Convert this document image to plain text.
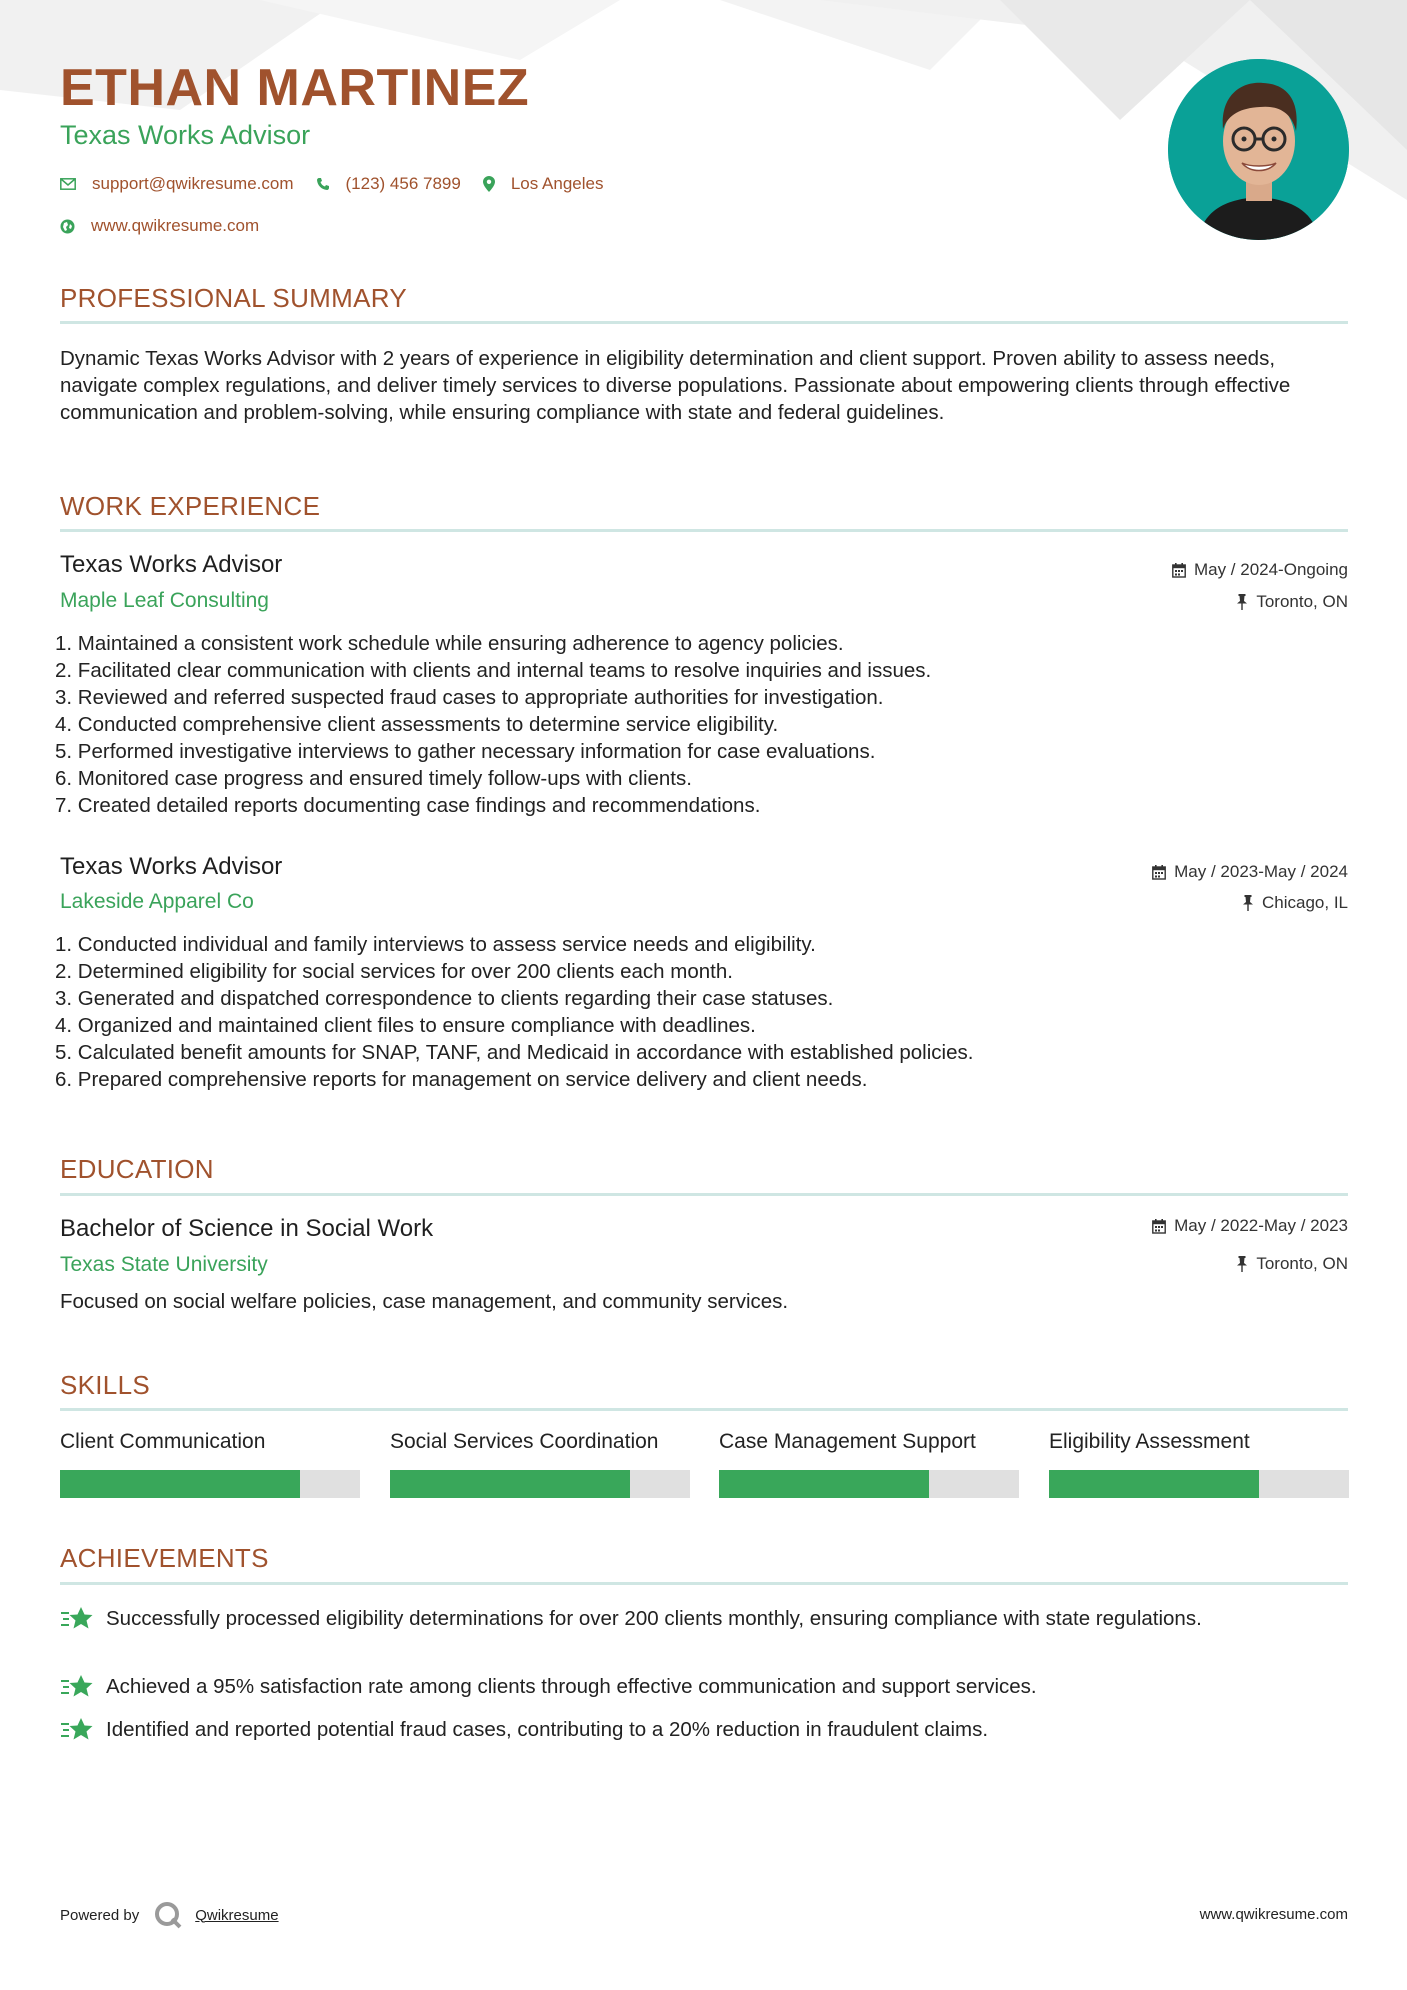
ETHAN MARTINEZ
Texas Works Advisor
support@qwikresume.com	(123) 456 7899	Los Angeles
www.qwikresume.com
PROFESSIONAL SUMMARY
Dynamic Texas Works Advisor with 2 years of experience in eligibility determination and client support. Proven ability to assess needs, navigate complex regulations, and deliver timely services to diverse populations. Passionate about empowering clients through effective communication and problem-solving, while ensuring compliance with state and federal guidelines.
WORK EXPERIENCE
Texas Works Advisor
Maple Leaf Consulting
May / 2024-Ongoing
Toronto, ON
1. Maintained a consistent work schedule while ensuring adherence to agency policies.
2. Facilitated clear communication with clients and internal teams to resolve inquiries and issues.
3. Reviewed and referred suspected fraud cases to appropriate authorities for investigation.
4. Conducted comprehensive client assessments to determine service eligibility.
5. Performed investigative interviews to gather necessary information for case evaluations.
6. Monitored case progress and ensured timely follow-ups with clients.
7. Created detailed reports documenting case findings and recommendations.
Texas Works Advisor
Lakeside Apparel Co
May / 2023-May / 2024
Chicago, IL
1. Conducted individual and family interviews to assess service needs and eligibility.
2. Determined eligibility for social services for over 200 clients each month.
3. Generated and dispatched correspondence to clients regarding their case statuses.
4. Organized and maintained client files to ensure compliance with deadlines.
5. Calculated benefit amounts for SNAP, TANF, and Medicaid in accordance with established policies.
6. Prepared comprehensive reports for management on service delivery and client needs.
EDUCATION
Bachelor of Science in Social Work
Texas State University
May / 2022-May / 2023
Toronto, ON
Focused on social welfare policies, case management, and community services.
SKILLS
Client Communication	Social Services Coordination	Case Management Support	Eligibility Assessment
ACHIEVEMENTS
Successfully processed eligibility determinations for over 200 clients monthly, ensuring compliance with state regulations.
Achieved a 95% satisfaction rate among clients through effective communication and support services.
Identified and reported potential fraud cases, contributing to a 20% reduction in fraudulent claims.
Powered by	Qwikresume	www.qwikresume.com
